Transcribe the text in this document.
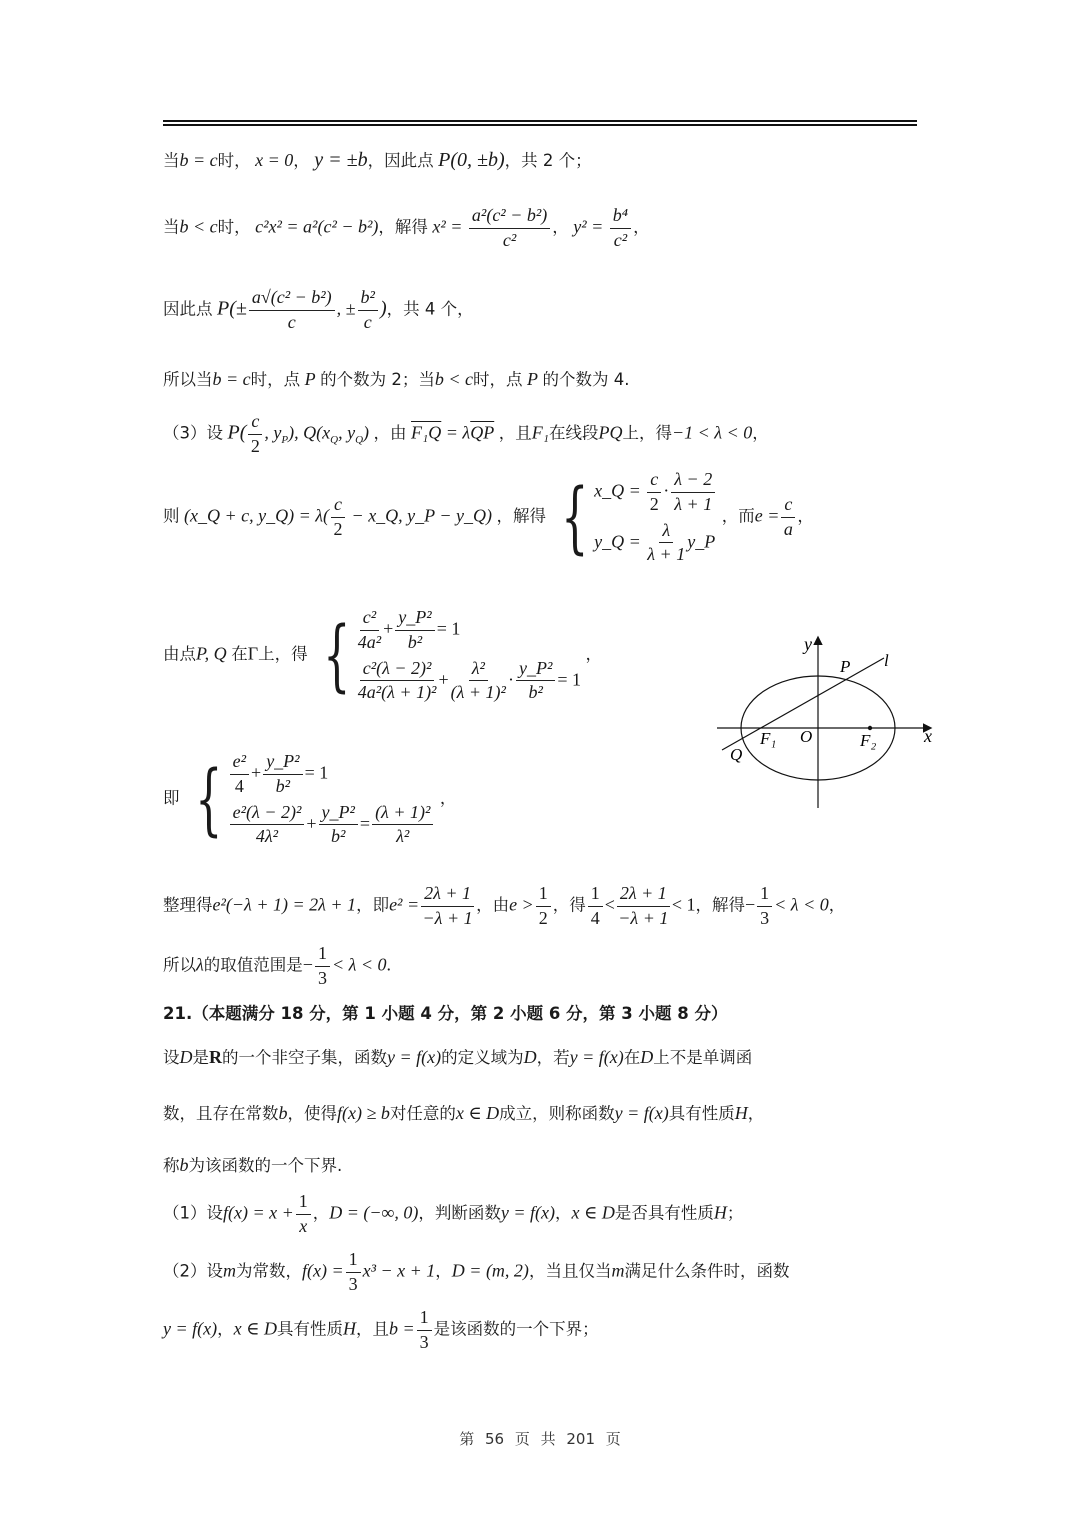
当b = c时， x = 0， y = ±b，因此点 P(0, ±b)，共 2 个；
当b < c时， c²x² = a²(c² − b²)，解得 $x^2 = \frac{\text{a²(c² − b²)}}{\text{c²}}$ ， $y^2 = \frac{\text{b⁴}}{\text{c²}}$ ，
因此点 $P(\pm \frac{\text{a√(c² − b²)}}{c}$ , ± $\frac{\text{b²}}{c}$ )，共 4 个，
所以当b = c时，点 P 的个数为 2；当b < c时，点 P 的个数为 4.
（3）设 $P( \frac{c}{2}$ , $y_P$), $Q(x_Q$, $y_Q$) ，由 $F_1Q = \lambda\overline{QP}$ ，且F₁在线段PQ上，得−1 < λ < 0，
则 (x_Q + c, y_Q) = $\lambda( \frac{c}{2}$ − x_Q, y_P − y_Q) ，解得 { x_Q = $\frac{c}{2} \cdot \frac{\lambda - 2}{\lambda + 1}$
y_Q = $\frac{\lambda}{\lambda + 1}$ y_P
，而$e = \frac{c}{a}$ ，
由点P, Q 在Γ上，得 { $\frac{\text{c²}}{\text{4a²}} + \frac{\text{y\_P²}}{\text{b²}} = 1$
$\frac{\text{c²(λ − 2)²}}{\text{4a²(λ + 1)²}} + \frac{\text{λ²}}{\text{(λ + 1)²}} \cdot \frac{\text{y\_P²}}{\text{b²}} = 1$
，
y
x
O
F₁	F₂
P
Q
l
即 { $\frac{\text{e²}}{4} + \frac{\text{y\_P²}}{\text{b²}} = 1$
$\frac{\text{e²(λ − 2)²}}{\text{4λ²}} + \frac{\text{y\_P²}}{\text{b²}} = \frac{\text{(λ + 1)²}}{\text{λ²}}$
，
整理得e²(−λ + 1) = 2λ + 1，即$e^2 = \frac{2\lambda + 1}{-\lambda + 1}$ ，由$e > \frac{1}{2}$ ，得 $\frac{1}{4} < \frac{2\lambda + 1}{-\lambda + 1} < 1$，解得− $\frac{1}{3} < \lambda < 0$，
所以λ的取值范围是− $\frac{1}{3} < \lambda < 0$.
21.（本题满分 18 分，第 1 小题 4 分，第 2 小题 6 分，第 3 小题 8 分）
设D是R的一个非空子集，函数y = f(x)的定义域为D，若y = f(x)在D上不是单调函
数，且存在常数b，使得f(x) ≥ b对任意的x ∈ D成立，则称函数y = f(x)具有性质H，
称b为该函数的一个下界.
（1）设$f(x) = x + \frac{1}{x}$ ，D = (−∞, 0)，判断函数y = f(x)，x ∈ D是否具有性质H；
（2）设m为常数，$f(x) = \frac{1}{3} x^3 - x + 1$，D = (m, 2)，当且仅当m满足什么条件时，函数
y = f(x)，x ∈ D具有性质H，且$b = \frac{1}{3}$ 是该函数的一个下界；
第 56 页 共 201 页
